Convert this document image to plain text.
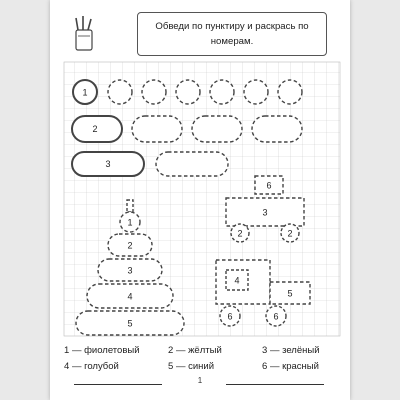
1
2
3
1
2
3
4
5
6
3
2	2
4
5
6	6
Обведи по пунктиру и раскрась по номерам.
1 — фиолетовый	2 — жёлтый	3 — зелёный
4 — голубой	5 — синий	6 — красный
1
